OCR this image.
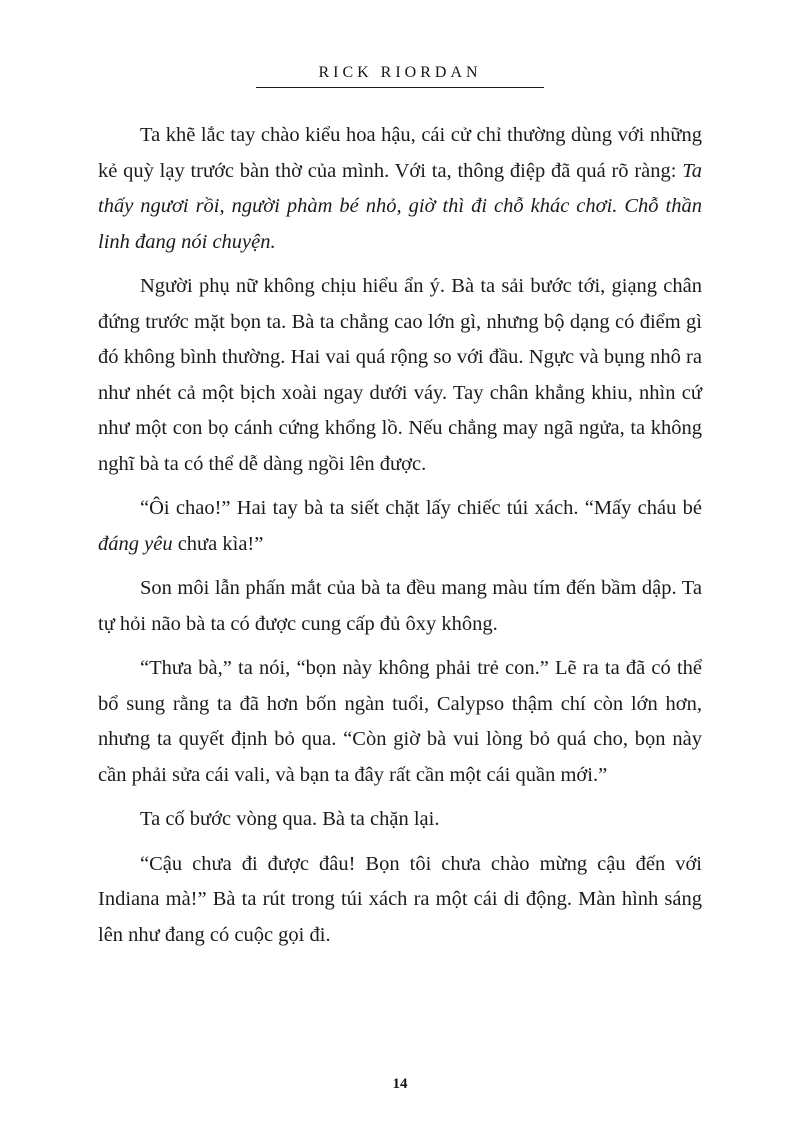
RICK RIORDAN

Ta khẽ lắc tay chào kiểu hoa hậu, cái cử chỉ thường dùng với những kẻ quỳ lạy trước bàn thờ của mình. Với ta, thông điệp đã quá rõ ràng: Ta thấy ngươi rồi, người phàm bé nhỏ, giờ thì đi chỗ khác chơi. Chỗ thần linh đang nói chuyện.

Người phụ nữ không chịu hiểu ẩn ý. Bà ta sải bước tới, giạng chân đứng trước mặt bọn ta. Bà ta chẳng cao lớn gì, nhưng bộ dạng có điểm gì đó không bình thường. Hai vai quá rộng so với đầu. Ngực và bụng nhô ra như nhét cả một bịch xoài ngay dưới váy. Tay chân khẳng khiu, nhìn cứ như một con bọ cánh cứng khổng lồ. Nếu chẳng may ngã ngửa, ta không nghĩ bà ta có thể dễ dàng ngồi lên được.

“Ôi chao!” Hai tay bà ta siết chặt lấy chiếc túi xách. “Mấy cháu bé đáng yêu chưa kìa!”

Son môi lẫn phấn mắt của bà ta đều mang màu tím đến bầm dập. Ta tự hỏi não bà ta có được cung cấp đủ ôxy không.

“Thưa bà,” ta nói, “bọn này không phải trẻ con.” Lẽ ra ta đã có thể bổ sung rằng ta đã hơn bốn ngàn tuổi, Calypso thậm chí còn lớn hơn, nhưng ta quyết định bỏ qua. “Còn giờ bà vui lòng bỏ quá cho, bọn này cần phải sửa cái vali, và bạn ta đây rất cần một cái quần mới.”

Ta cố bước vòng qua. Bà ta chặn lại.

“Cậu chưa đi được đâu! Bọn tôi chưa chào mừng cậu đến với Indiana mà!” Bà ta rút trong túi xách ra một cái di động. Màn hình sáng lên như đang có cuộc gọi đi.

14
